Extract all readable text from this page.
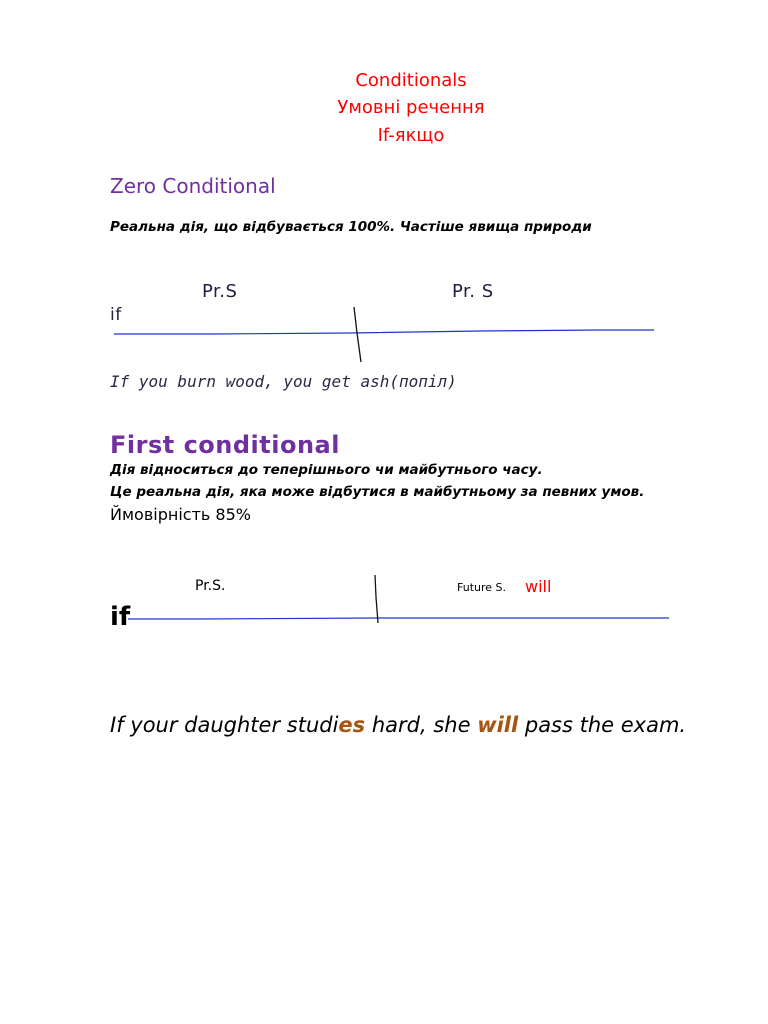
Conditionals
Умовні речення
If-якщо
Zero Conditional
Реальна дія, що відбувається 100%. Частіше явища природи
Pr.S	Pr. S
if
If you burn wood, you get ash(попіл)
First conditional
Дія відноситься до теперішнього чи майбутнього часу.
Це реальна дія, яка може відбутися в майбутньому за певних умов.
Ймовірність 85%
Pr.S.	Future S. will
if
If your daughter studies hard, she will pass the exam.
